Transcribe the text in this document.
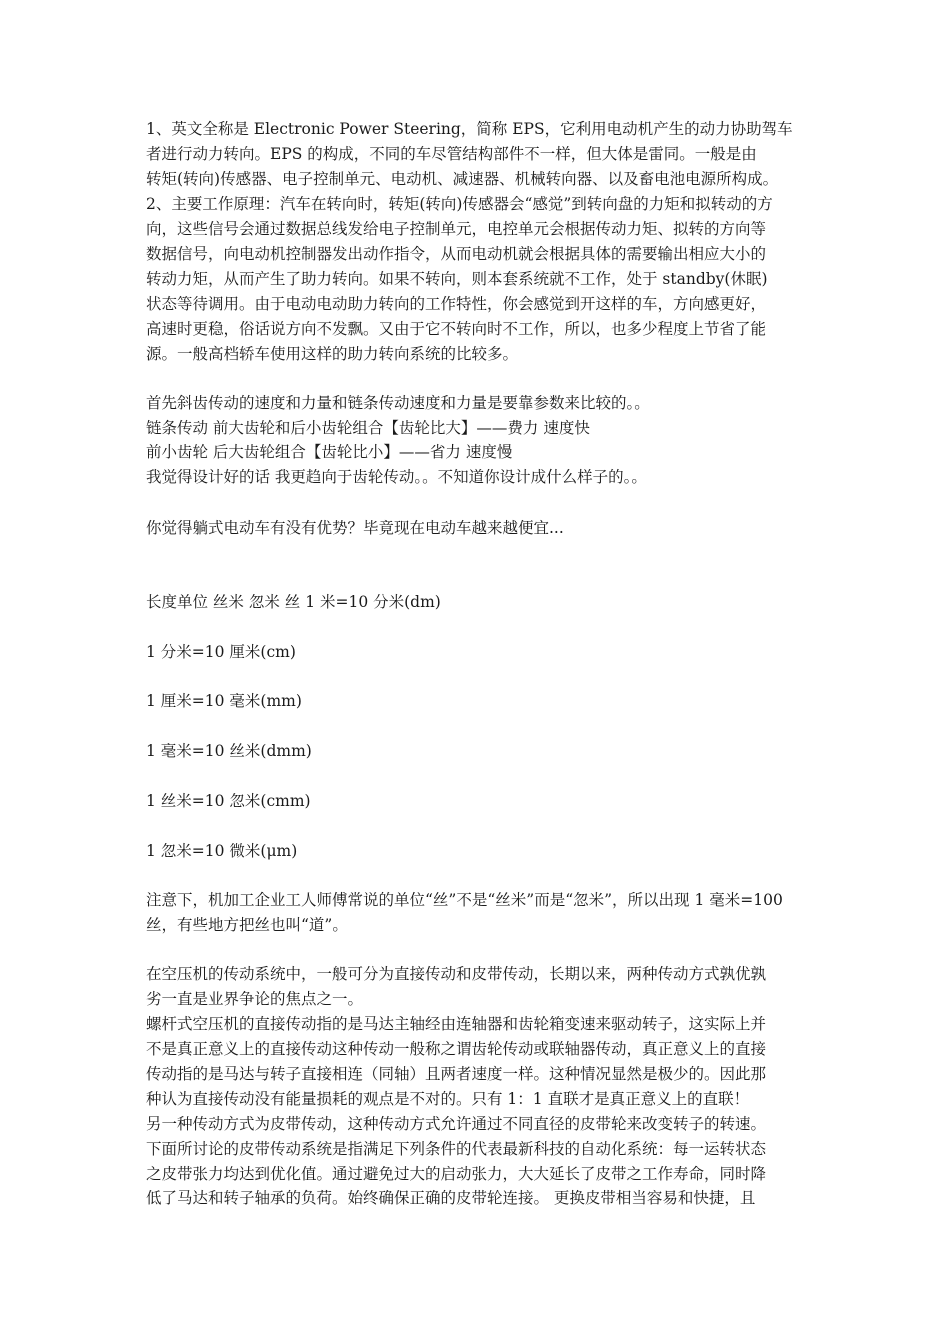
1、英文全称是 Electronic Power Steering，简称 EPS，它利用电动机产生的动力协助驾车
者进行动力转向。EPS 的构成，不同的车尽管结构部件不一样，但大体是雷同。一般是由
转矩(转向)传感器、电子控制单元、电动机、减速器、机械转向器、以及畜电池电源所构成。
2、主要工作原理：汽车在转向时，转矩(转向)传感器会“感觉”到转向盘的力矩和拟转动的方
向，这些信号会通过数据总线发给电子控制单元，电控单元会根据传动力矩、拟转的方向等
数据信号，向电动机控制器发出动作指令，从而电动机就会根据具体的需要输出相应大小的
转动力矩，从而产生了助力转向。如果不转向，则本套系统就不工作，处于 standby(休眠)
状态等待调用。由于电动电动助力转向的工作特性，你会感觉到开这样的车，方向感更好，
高速时更稳，俗话说方向不发飘。又由于它不转向时不工作，所以，也多少程度上节省了能
源。一般高档轿车使用这样的助力转向系统的比较多。
首先斜齿传动的速度和力量和链条传动速度和力量是要靠参数来比较的。。
链条传动 前大齿轮和后小齿轮组合【齿轮比大】——费力 速度快
前小齿轮 后大齿轮组合【齿轮比小】——省力 速度慢
我觉得设计好的话 我更趋向于齿轮传动。。不知道你设计成什么样子的。。
你觉得躺式电动车有没有优势？毕竟现在电动车越来越便宜...
长度单位 丝米 忽米 丝 1 米=10 分米(dm)
1 分米=10 厘米(cm)
1 厘米=10 毫米(mm)
1 毫米=10 丝米(dmm)
1 丝米=10 忽米(cmm)
1 忽米=10 微米(μm)
注意下，机加工企业工人师傅常说的单位“丝”不是“丝米”而是“忽米”，所以出现 1 毫米=100
丝，有些地方把丝也叫“道”。
在空压机的传动系统中，一般可分为直接传动和皮带传动，长期以来，两种传动方式孰优孰
劣一直是业界争论的焦点之一。
螺杆式空压机的直接传动指的是马达主轴经由连轴器和齿轮箱变速来驱动转子，这实际上并
不是真正意义上的直接传动这种传动一般称之谓齿轮传动或联轴器传动，真正意义上的直接
传动指的是马达与转子直接相连（同轴）且两者速度一样。这种情况显然是极少的。因此那
种认为直接传动没有能量损耗的观点是不对的。只有 1：1 直联才是真正意义上的直联！
另一种传动方式为皮带传动，这种传动方式允许通过不同直径的皮带轮来改变转子的转速。
下面所讨论的皮带传动系统是指满足下列条件的代表最新科技的自动化系统：每一运转状态
之皮带张力均达到优化值。通过避免过大的启动张力，大大延长了皮带之工作寿命，同时降
低了马达和转子轴承的负荷。始终确保正确的皮带轮连接。 更换皮带相当容易和快捷，且
